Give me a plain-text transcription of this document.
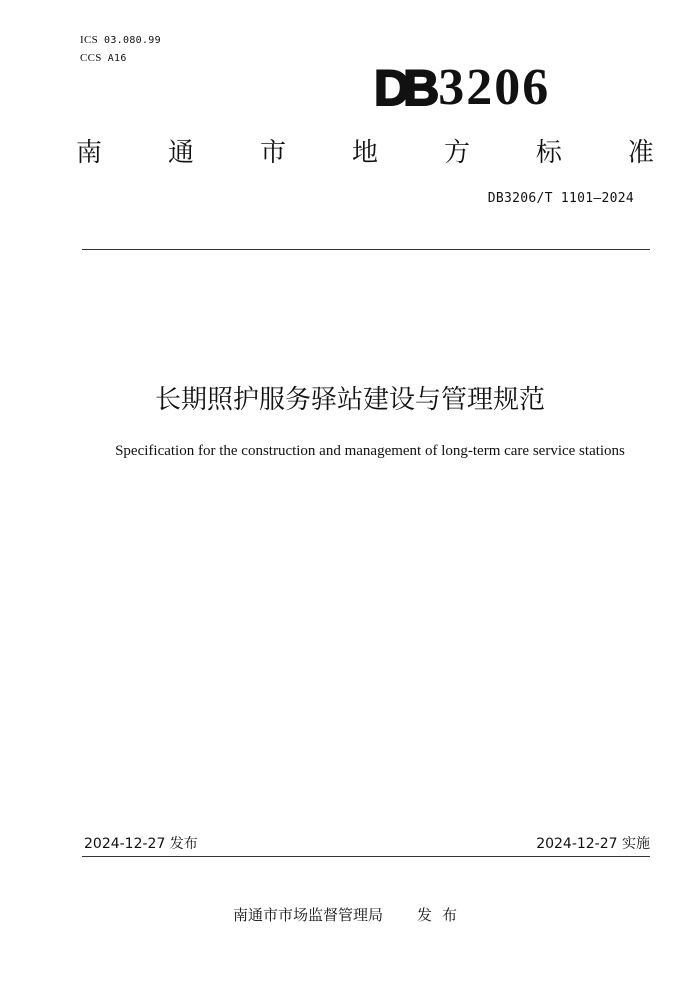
ICS 03.080.99
CCS A16
DB 3206
南	通	市	地	方	标	准
DB3206/T 1101—2024
长期照护服务驿站建设与管理规范
Specification for the construction and management of long-term care service stations
2024-12-27 发布	2024-12-27 实施
南通市市场监督管理局 发布
